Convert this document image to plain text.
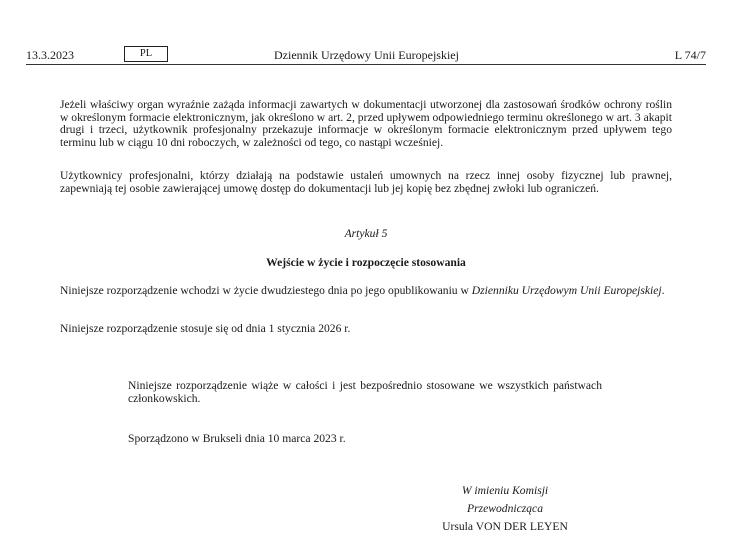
13.3.2023	PL	Dziennik Urzędowy Unii Europejskiej	L 74/7
Jeżeli właściwy organ wyraźnie zażąda informacji zawartych w dokumentacji utworzonej dla zastosowań środków ochrony roślin w określonym formacie elektronicznym, jak określono w art. 2, przed upływem odpowiedniego terminu określonego w art. 3 akapit drugi i trzeci, użytkownik profesjonalny przekazuje informacje w określonym formacie elektronicznym przed upływem tego terminu lub w ciągu 10 dni roboczych, w zależności od tego, co nastąpi wcześniej.
Użytkownicy profesjonalni, którzy działają na podstawie ustaleń umownych na rzecz innej osoby fizycznej lub prawnej, zapewniają tej osobie zawierającej umowę dostęp do dokumentacji lub jej kopię bez zbędnej zwłoki lub ograniczeń.
Artykuł 5
Wejście w życie i rozpoczęcie stosowania
Niniejsze rozporządzenie wchodzi w życie dwudziestego dnia po jego opublikowaniu w Dzienniku Urzędowym Unii Europejskiej.
Niniejsze rozporządzenie stosuje się od dnia 1 stycznia 2026 r.
Niniejsze rozporządzenie wiąże w całości i jest bezpośrednio stosowane we wszystkich państwach członkowskich.
Sporządzono w Brukseli dnia 10 marca 2023 r.
W imieniu Komisji
Przewodnicząca
Ursula VON DER LEYEN
